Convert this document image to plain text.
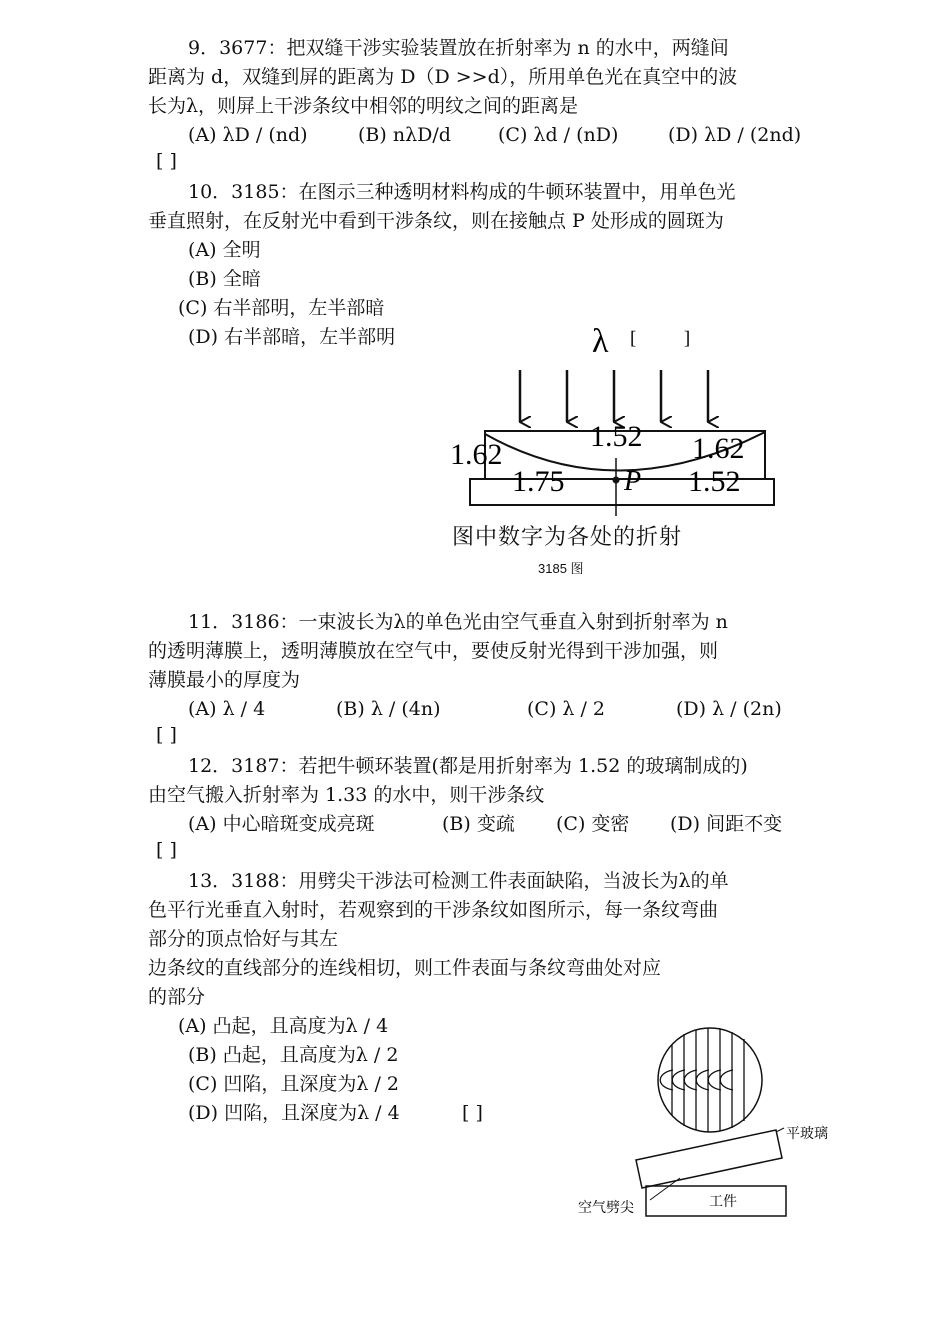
9．3677：把双缝干涉实验装置放在折射率为 n 的水中，两缝间
距离为 d，双缝到屏的距离为 D（D >>d），所用单色光在真空中的波
长为λ，则屏上干涉条纹中相邻的明纹之间的距离是
(A) λD / (nd)	(B) nλD/d (C) λd / (nD)	(D) λD / (2nd)
[ ]
10．3185：在图示三种透明材料构成的牛顿环装置中，用单色光
垂直照射，在反射光中看到干涉条纹，则在接触点 P 处形成的圆斑为
(A) 全明
(B) 全暗
(C) 右半部明，左半部暗
(D) 右半部暗，左半部明	λ [          ]
1.52
1.62	1.62
1.75	1.52
P
图中数字为各处的折射
3185 图
11．3186：一束波长为λ的单色光由空气垂直入射到折射率为 n
的透明薄膜上，透明薄膜放在空气中，要使反射光得到干涉加强，则
薄膜最小的厚度为
(A) λ / 4	(B) λ / (4n)	(C) λ / 2	(D) λ / (2n)
[ ]
12．3187：若把牛顿环装置(都是用折射率为 1.52 的玻璃制成的)
由空气搬入折射率为 1.33 的水中，则干涉条纹
(A) 中心暗斑变成亮斑	(B) 变疏 (C) 变密 (D) 间距不变
[ ]
13．3188：用劈尖干涉法可检测工件表面缺陷，当波长为λ的单
色平行光垂直入射时，若观察到的干涉条纹如图所示，每一条纹弯曲
部分的顶点恰好与其左
边条纹的直线部分的连线相切，则工件表面与条纹弯曲处对应
的部分
(A) 凸起，且高度为λ / 4
(B) 凸起，且高度为λ / 2
(C) 凹陷，且深度为λ / 2
(D) 凹陷，且深度为λ / 4	[ ]
平玻璃
空气劈尖	工件
